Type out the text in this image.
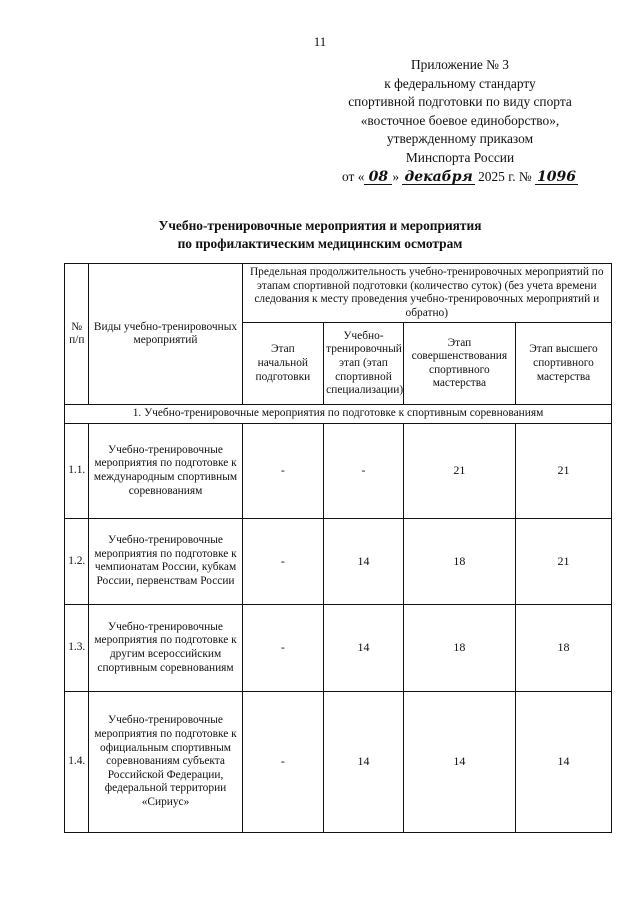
11
Приложение № 3
к федеральному стандарту
спортивной подготовки по виду спорта
«восточное боевое единоборство»,
утвержденному приказом
Минспорта России
от « 08 » декабря 2025 г. № 1096
Учебно-тренировочные мероприятия и мероприятия
по профилактическим медицинским осмотрам
№ п/п	Виды учебно-тренировочных мероприятий	Предельная продолжительность учебно-тренировочных мероприятий по этапам спортивной подготовки (количество суток) (без учета времени следования к месту проведения учебно-тренировочных мероприятий и обратно)			
		Этап начальной подготовки	Учебно-тренировочный этап (этап спортивной специализации)	Этап совершенствования спортивного мастерства	Этап высшего спортивного мастерства
1. Учебно-тренировочные мероприятия по подготовке к спортивным соревнованиям					
1.1.	Учебно-тренировочные мероприятия по подготовке к международным спортивным соревнованиям	-	-	21	21
1.2.	Учебно-тренировочные мероприятия по подготовке к чемпионатам России, кубкам России, первенствам России	-	14	18	21
1.3.	Учебно-тренировочные мероприятия по подготовке к другим всероссийским спортивным соревнованиям	-	14	18	18
1.4.	Учебно-тренировочные мероприятия по подготовке к официальным спортивным соревнованиям субъекта Российской Федерации, федеральной территории «Сириус»	-	14	14	14
